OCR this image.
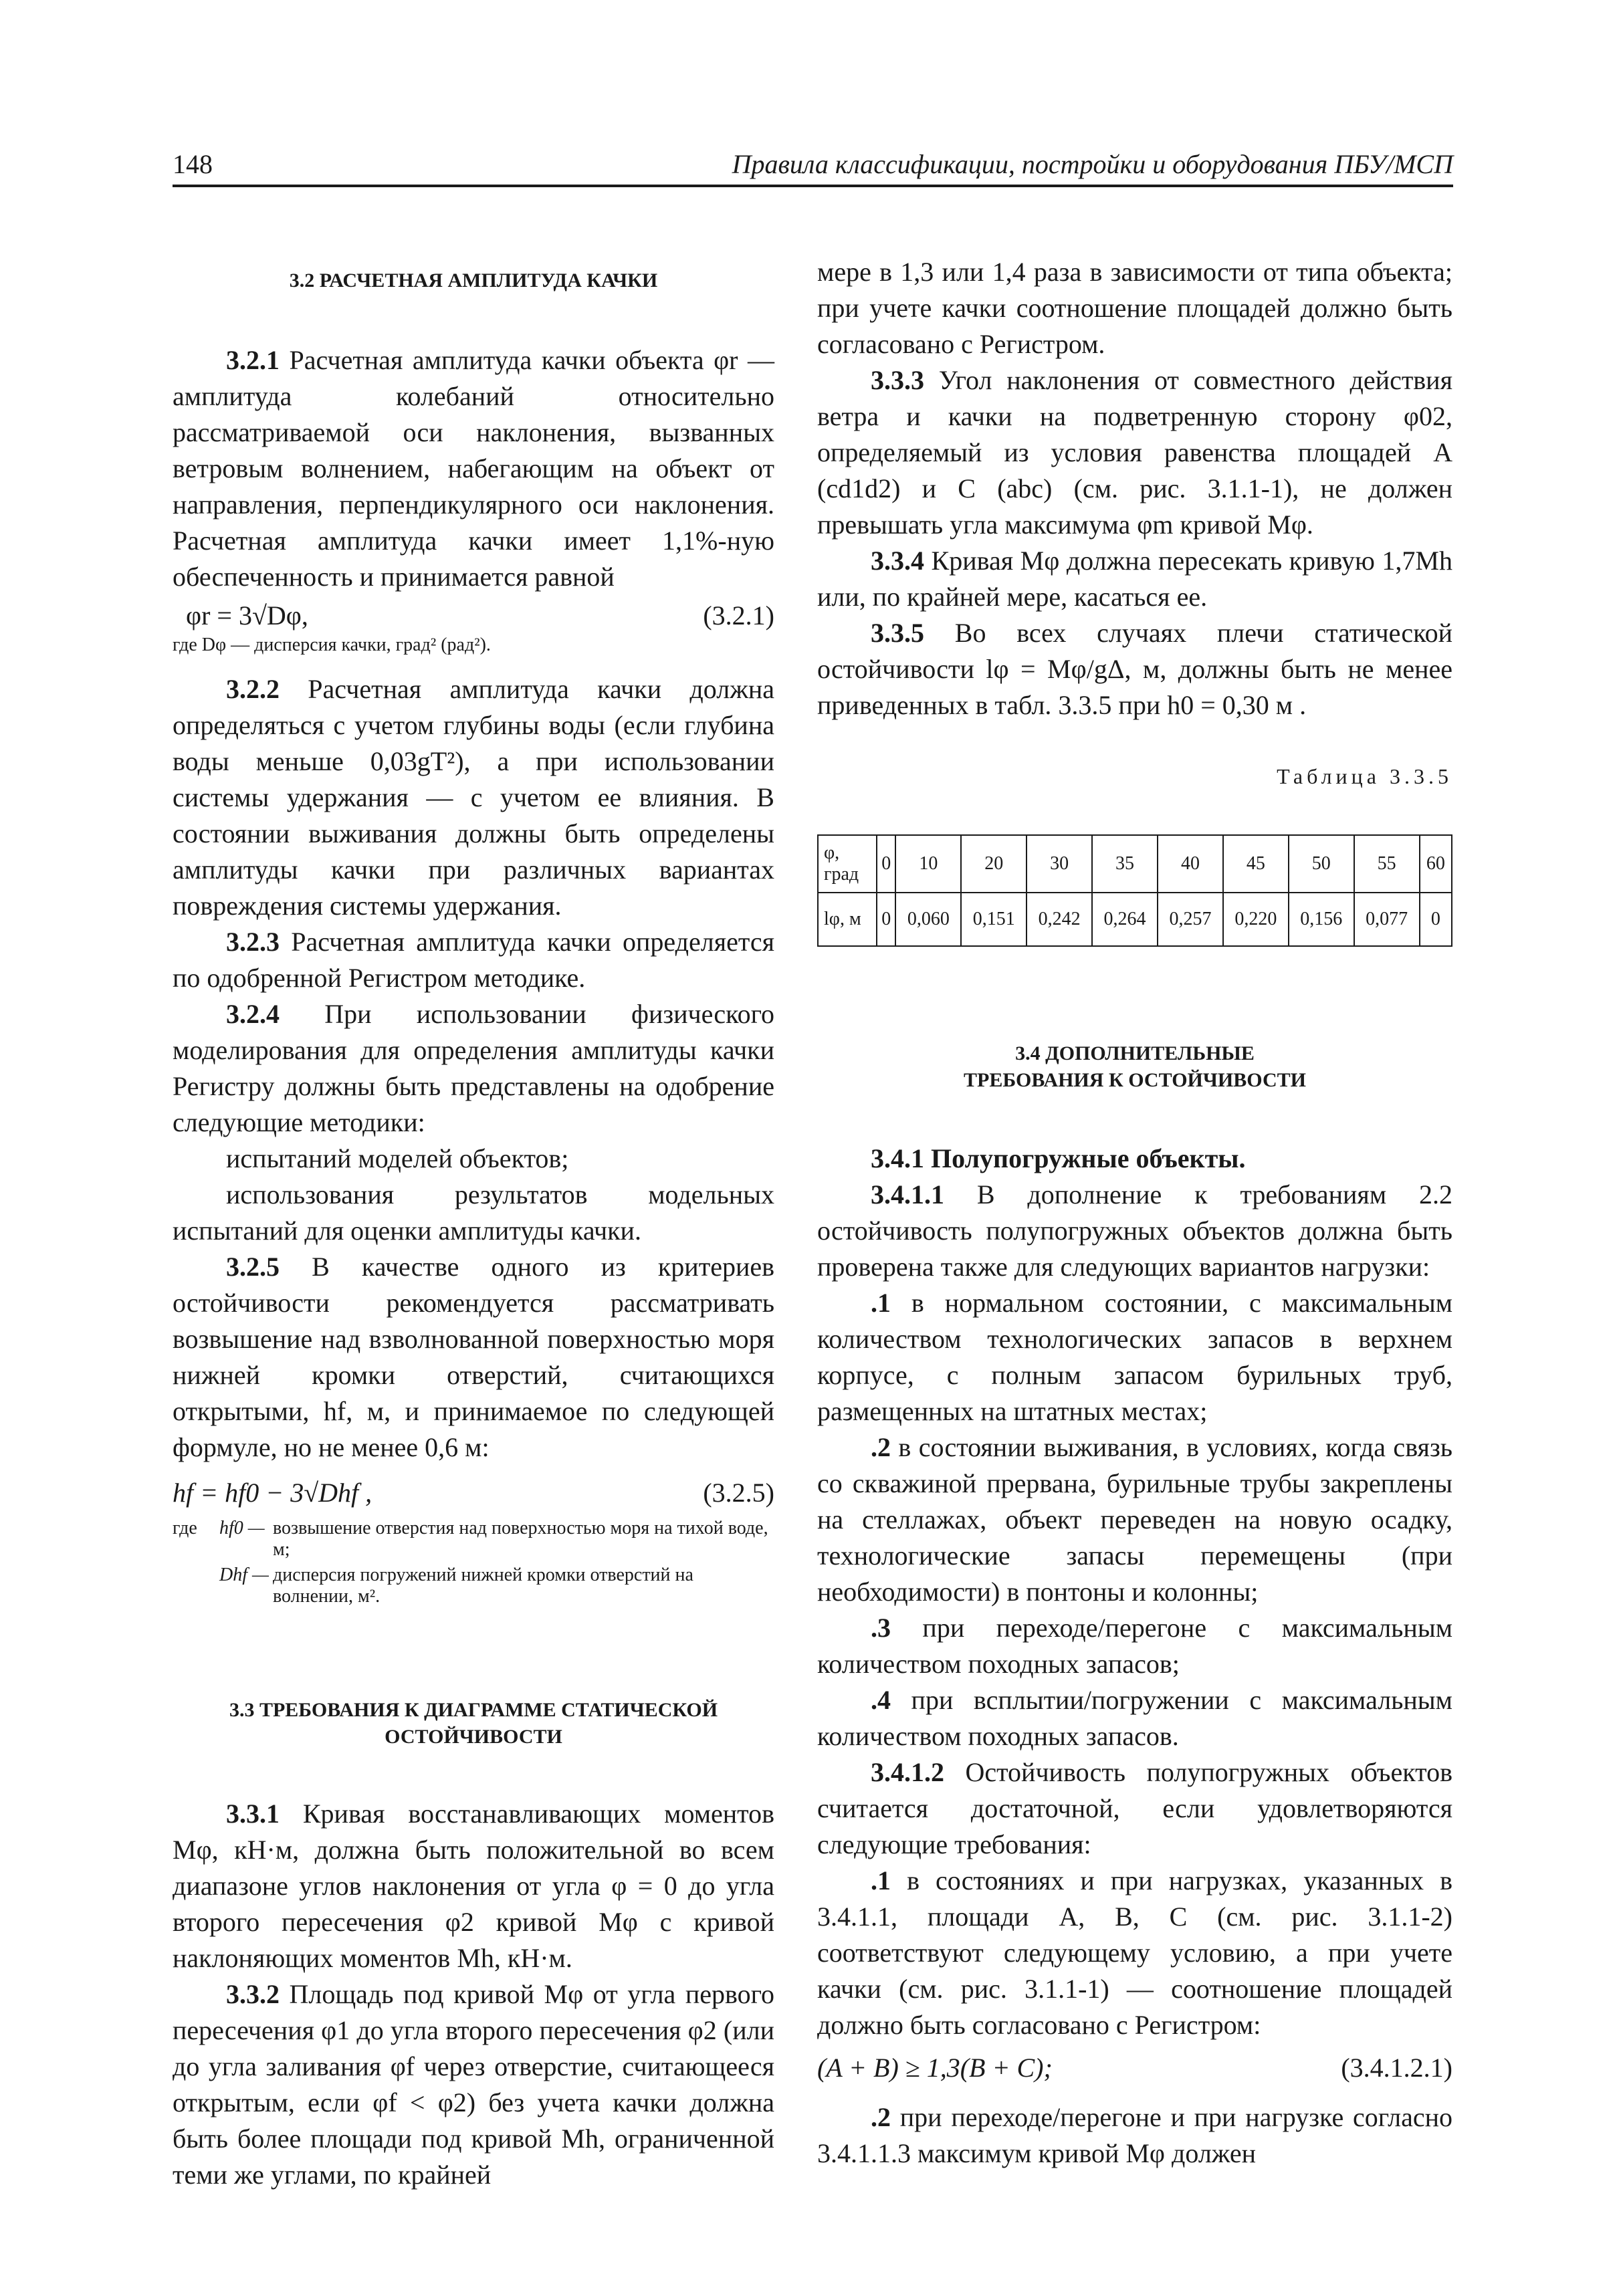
148	Правила классификации, постройки и оборудования ПБУ/МСП
3.2 РАСЧЕТНАЯ АМПЛИТУДА КАЧКИ

3.2.1 Расчетная амплитуда качки объекта φr — амплитуда колебаний относительно рассматриваемой оси наклонения, вызванных ветровым волнением, набегающим на объект от направления, перпендикулярного оси наклонения. Расчетная амплитуда качки имеет 1,1%-ную обеспеченность и принимается равной

φr = 3√Dφ,	(3.2.1)
где Dφ — дисперсия качки, град² (рад²).

3.2.2 Расчетная амплитуда качки должна определяться с учетом глубины воды (если глубина воды меньше 0,03gT²), а при использовании системы удержания — с учетом ее влияния. В состоянии выживания должны быть определены амплитуды качки при различных вариантах повреждения системы удержания.

3.2.3 Расчетная амплитуда качки определяется по одобренной Регистром методике.

3.2.4 При использовании физического моделирования для определения амплитуды качки Регистру должны быть представлены на одобрение следующие методики:

испытаний моделей объектов;

использования результатов модельных испытаний для оценки амплитуды качки.

3.2.5 В качестве одного из критериев остойчивости рекомендуется рассматривать возвышение над взволнованной поверхностью моря нижней кромки отверстий, считающихся открытыми, hf, м, и принимаемое по следующей формуле, но не менее 0,6 м:

hf = hf0 − 3√Dhf ,	(3.2.5)
где	hf0 — возвышение отверстия над поверхностью моря на тихой воде, м;
Dhf — дисперсия погружений нижней кромки отверстий на волнении, м².
3.3 ТРЕБОВАНИЯ К ДИАГРАММЕ СТАТИЧЕСКОЙ ОСТОЙЧИВОСТИ

3.3.1 Кривая восстанавливающих моментов Mφ, кН·м, должна быть положительной во всем диапазоне углов наклонения от угла φ = 0 до угла второго пересечения φ2 кривой Mφ с кривой наклоняющих моментов Mh, кН·м.

3.3.2 Площадь под кривой Mφ от угла первого пересечения φ1 до угла второго пересечения φ2 (или до угла заливания φf через отверстие, считающееся открытым, если φf < φ2) без учета качки должна быть более площади под кривой Mh, ограниченной теми же углами, по крайней

мере в 1,3 или 1,4 раза в зависимости от типа объекта; при учете качки соотношение площадей должно быть согласовано с Регистром.

3.3.3 Угол наклонения от совместного действия ветра и качки на подветренную сторону φ02, определяемый из условия равенства площадей A (cd1d2) и C (abc) (см. рис. 3.1.1-1), не должен превышать угла максимума φm кривой Mφ.

3.3.4 Кривая Mφ должна пересекать кривую 1,7Mh или, по крайней мере, касаться ее.

3.3.5 Во всех случаях плечи статической остойчивости lφ = Mφ/gΔ, м, должны быть не менее приведенных в табл. 3.3.5 при h0 = 0,30 м .

Таблица 3.3.5
φ, град	0	10	20	30	35	40	45	50	55	60
lφ, м	0	0,060	0,151	0,242	0,264	0,257	0,220	0,156	0,077	0
3.4 ДОПОЛНИТЕЛЬНЫЕ ТРЕБОВАНИЯ К ОСТОЙЧИВОСТИ

3.4.1 Полупогружные объекты.

3.4.1.1 В дополнение к требованиям 2.2 остойчивость полупогружных объектов должна быть проверена также для следующих вариантов нагрузки:

.1 в нормальном состоянии, с максимальным количеством технологических запасов в верхнем корпусе, с полным запасом бурильных труб, размещенных на штатных местах;

.2 в состоянии выживания, в условиях, когда связь со скважиной прервана, бурильные трубы закреплены на стеллажах, объект переведен на новую осадку, технологические запасы перемещены (при необходимости) в понтоны и колонны;

.3 при переходе/перегоне с максимальным количеством походных запасов;

.4 при всплытии/погружении с максимальным количеством походных запасов.

3.4.1.2 Остойчивость полупогружных объектов считается достаточной, если удовлетворяются следующие требования:

.1 в состояниях и при нагрузках, указанных в 3.4.1.1, площади A, B, C (см. рис. 3.1.1-2) соответствуют следующему условию, а при учете качки (см. рис. 3.1.1-1) — соотношение площадей должно быть согласовано с Регистром:

(A + B) ≥ 1,3(B + C);	(3.4.1.2.1)

.2 при переходе/перегоне и при нагрузке согласно 3.4.1.1.3 максимум кривой Mφ должен
